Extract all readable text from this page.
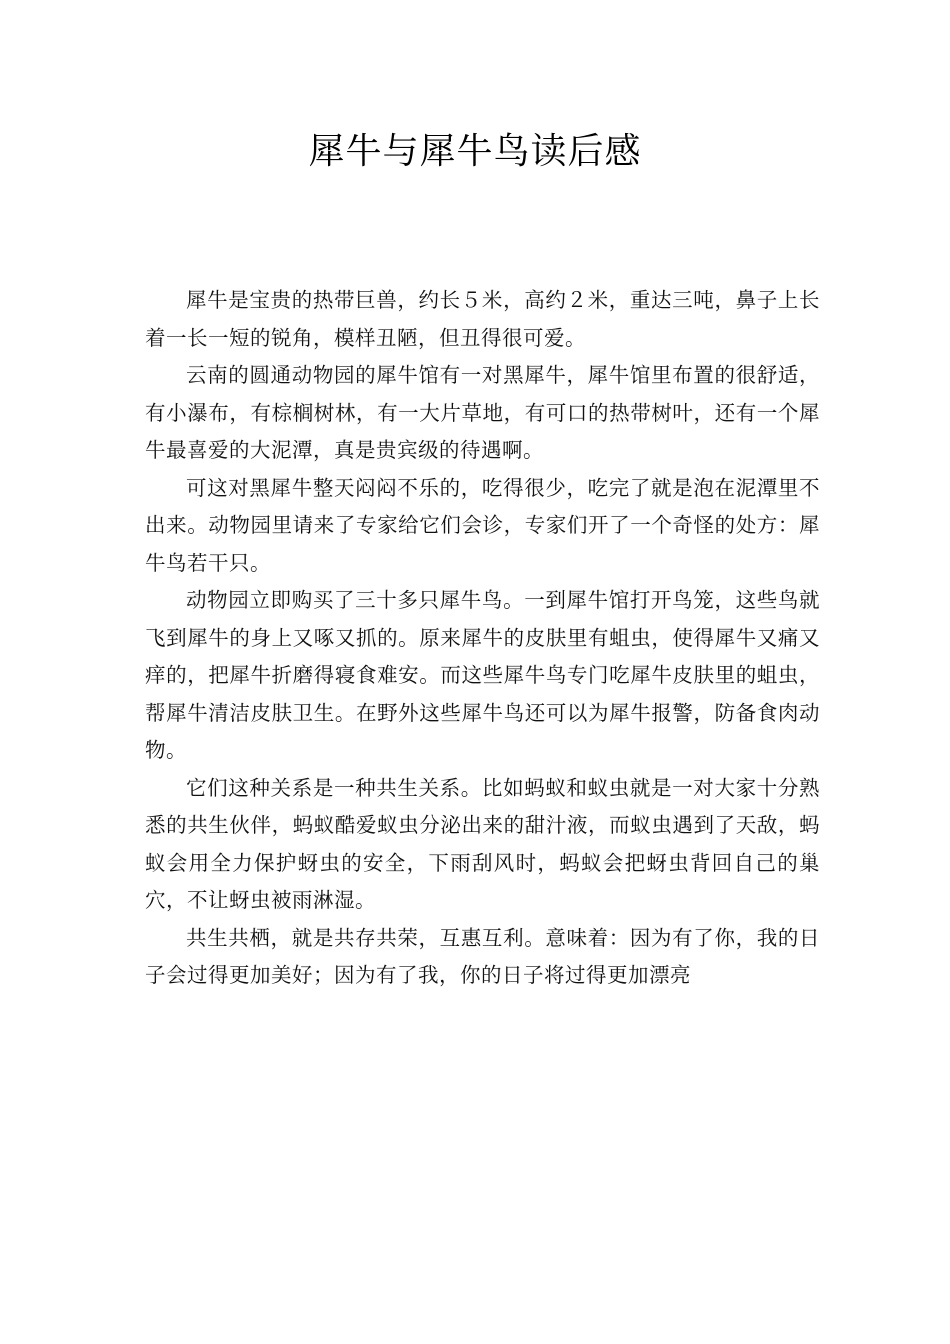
犀牛与犀牛鸟读后感

犀牛是宝贵的热带巨兽，约长５米，高约２米，重达三吨，鼻子上长着一长一短的锐角，模样丑陋，但丑得很可爱。

云南的圆通动物园的犀牛馆有一对黑犀牛，犀牛馆里布置的很舒适，有小瀑布，有棕榈树林，有一大片草地，有可口的热带树叶，还有一个犀牛最喜爱的大泥潭，真是贵宾级的待遇啊。

可这对黑犀牛整天闷闷不乐的，吃得很少，吃完了就是泡在泥潭里不出来。动物园里请来了专家给它们会诊，专家们开了一个奇怪的处方：犀牛鸟若干只。

动物园立即购买了三十多只犀牛鸟。一到犀牛馆打开鸟笼，这些鸟就飞到犀牛的身上又啄又抓的。原来犀牛的皮肤里有蛆虫，使得犀牛又痛又痒的，把犀牛折磨得寝食难安。而这些犀牛鸟专门吃犀牛皮肤里的蛆虫，帮犀牛清洁皮肤卫生。在野外这些犀牛鸟还可以为犀牛报警，防备食肉动物。

它们这种关系是一种共生关系。比如蚂蚁和蚁虫就是一对大家十分熟悉的共生伙伴，蚂蚁酷爱蚁虫分泌出来的甜汁液，而蚁虫遇到了天敌，蚂蚁会用全力保护蚜虫的安全，下雨刮风时，蚂蚁会把蚜虫背回自己的巢穴，不让蚜虫被雨淋湿。

共生共栖，就是共存共荣，互惠互利。意味着：因为有了你，我的日子会过得更加美好；因为有了我，你的日子将过得更加漂亮
